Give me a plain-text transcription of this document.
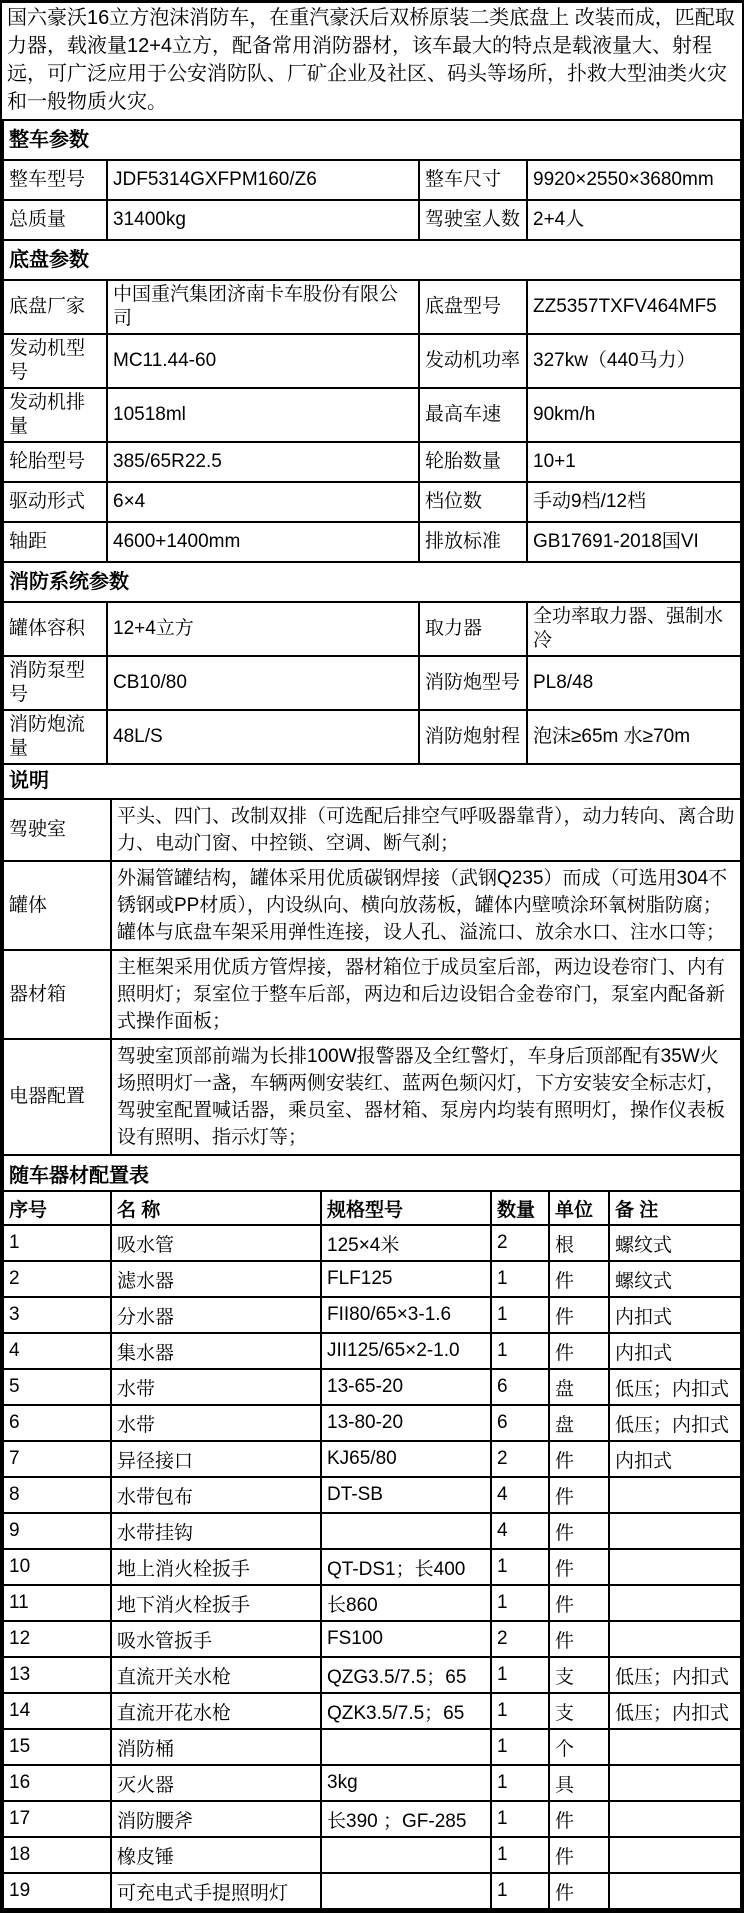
国六豪沃16立方泡沫消防车，在重汽豪沃后双桥原装二类底盘上 改装而成，匹配取力器，载液量12+4立方，配备常用消防器材，该车最大的特点是载液量大、射程远，可广泛应用于公安消防队、厂矿企业及社区、码头等场所，扑救大型油类火灾和一般物质火灾。
整车参数			
整车型号	JDF5314GXFPM160/Z6	整车尺寸	9920×2550×3680mm
总质量	31400kg	驾驶室人数	2+4人
底盘参数			
底盘厂家	中国重汽集团济南卡车股份有限公司	底盘型号	ZZ5357TXFV464MF5
发动机型号	MC11.44-60	发动机功率	327kw（440马力）
发动机排量	10518ml	最高车速	90km/h
轮胎型号	385/65R22.5	轮胎数量	10+1
驱动形式	6×4	档位数	手动9档/12档
轴距	4600+1400mm	排放标准	GB17691-2018国VI
消防系统参数			
罐体容积	12+4立方	取力器	全功率取力器、强制水冷
消防泵型号	CB10/80	消防炮型号	PL8/48
消防炮流量	48L/S	消防炮射程	泡沫≥65m 水≥70m
说明	
驾驶室	平头、四门、改制双排（可选配后排空气呼吸器靠背），动力转向、离合助力、电动门窗、中控锁、空调、断气刹；
罐体	外漏管罐结构，罐体采用优质碳钢焊接（武钢Q235）而成（可选用304不锈钢或PP材质），内设纵向、横向放荡板，罐体内壁喷涂环氧树脂防腐；罐体与底盘车架采用弹性连接，设人孔、溢流口、放余水口、注水口等；
器材箱	主框架采用优质方管焊接，器材箱位于成员室后部，两边设卷帘门、内有照明灯；泵室位于整车后部，两边和后边设铝合金卷帘门，泵室内配备新式操作面板；
电器配置	驾驶室顶部前端为长排100W报警器及全红警灯，车身后顶部配有35W火场照明灯一盏，车辆两侧安装红、蓝两色频闪灯，下方安装安全标志灯，驾驶室配置喊话器，乘员室、器材箱、泵房内均装有照明灯，操作仪表板设有照明、指示灯等；
随车器材配置表					
序号	名 称	规格型号	数量	单位	备 注
1	吸水管	125×4米	2	根	螺纹式
2	滤水器	FLF125	1	件	螺纹式
3	分水器	FII80/65×3-1.6	1	件	内扣式
4	集水器	JII125/65×2-1.0	1	件	内扣式
5	水带	13-65-20	6	盘	低压；内扣式
6	水带	13-80-20	6	盘	低压；内扣式
7	异径接口	KJ65/80	2	件	内扣式
8	水带包布	DT-SB	4	件	
9	水带挂钩		4	件	
10	地上消火栓扳手	QT-DS1；长400	1	件	
11	地下消火栓扳手	长860	1	件	
12	吸水管扳手	FS100	2	件	
13	直流开关水枪	QZG3.5/7.5；65	1	支	低压；内扣式
14	直流开花水枪	QZK3.5/7.5；65	1	支	低压；内扣式
15	消防桶		1	个	
16	灭火器	3kg	1	具	
17	消防腰斧	长390 ；GF-285	1	件	
18	橡皮锤		1	件	
19	可充电式手提照明灯		1	件	
